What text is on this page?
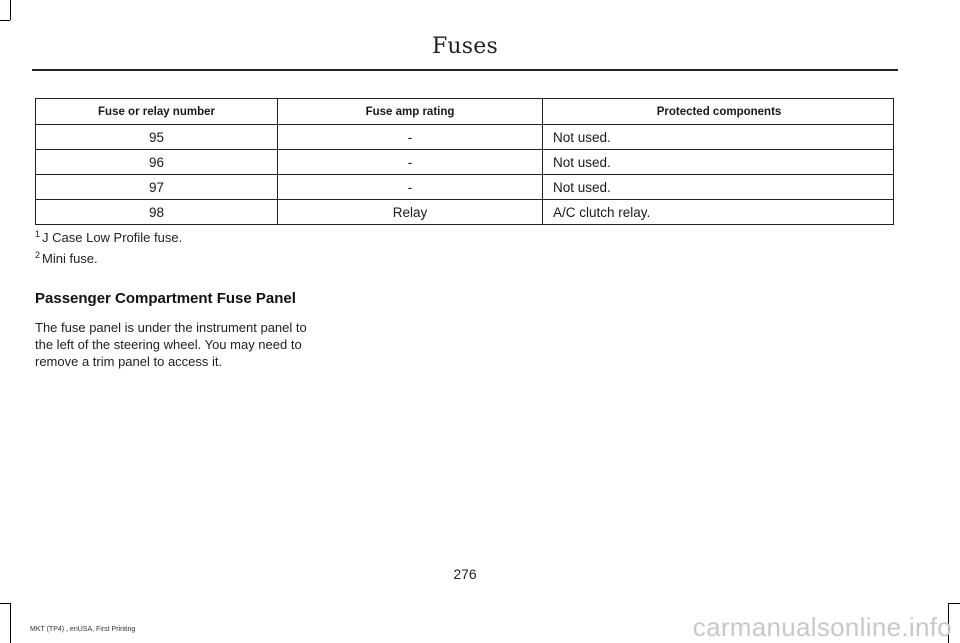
Fuses
Fuse or relay number	Fuse amp rating	Protected components
95	-	Not used.
96	-	Not used.
97	-	Not used.
98	Relay	A/C clutch relay.
$^1$ J Case Low Profile fuse.
$^2$ Mini fuse.
Passenger Compartment Fuse Panel
The fuse panel is under the instrument panel to the left of the steering wheel. You may need to remove a trim panel to access it.
276
MKT (TP4) , enUSA, First Printing	carmanualsonline.info
